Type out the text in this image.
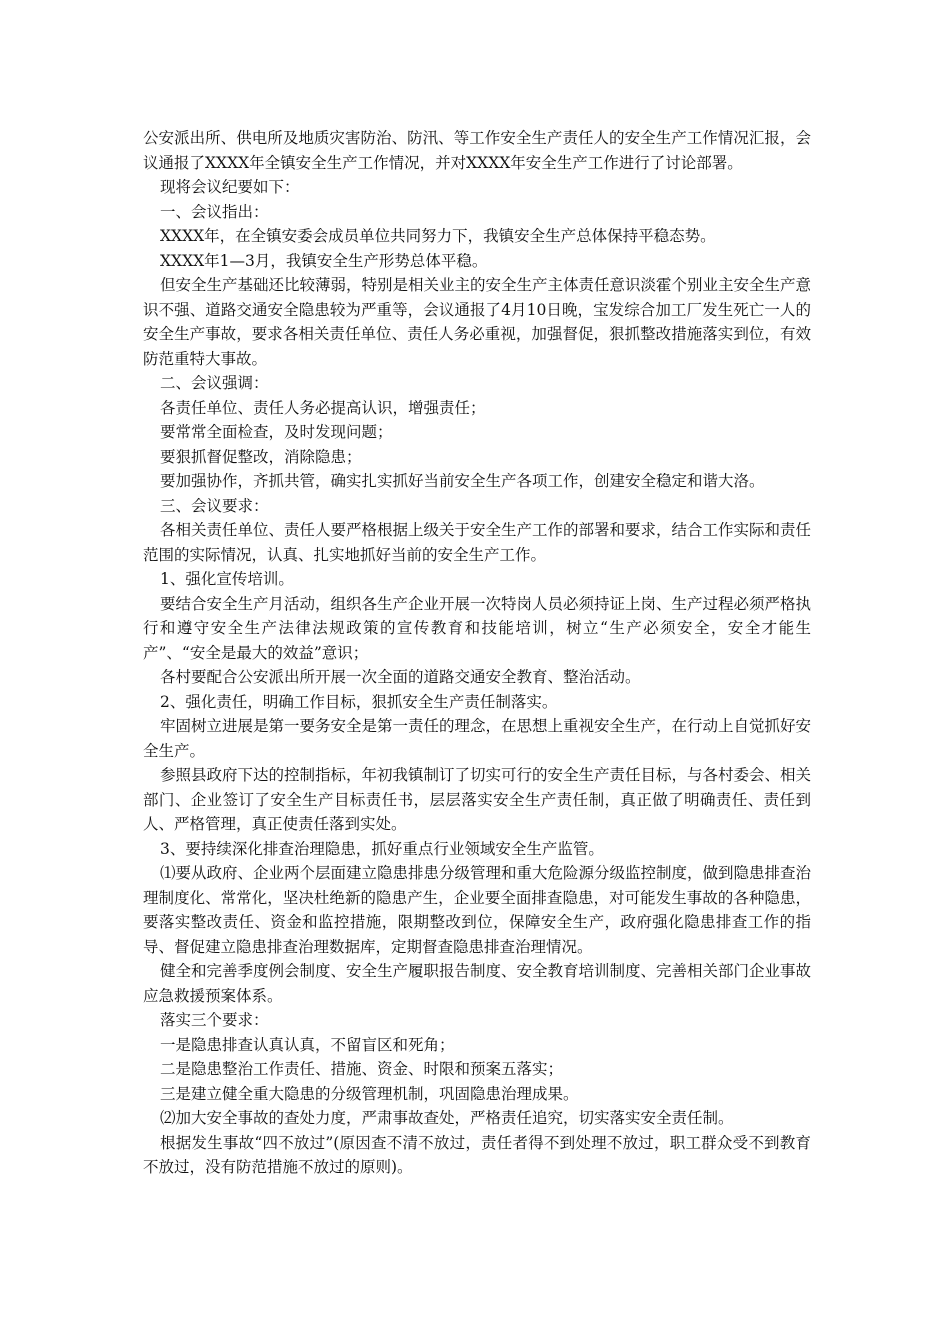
公安派出所、供电所及地质灾害防治、防汛、等工作安全生产责任人的安全生产工作情况汇报，会议通报了XXXX年全镇安全生产工作情况，并对XXXX年安全生产工作进行了讨论部署。

现将会议纪要如下：

一、会议指出：

XXXX年，在全镇安委会成员单位共同努力下，我镇安全生产总体保持平稳态势。

XXXX年1—3月，我镇安全生产形势总体平稳。

但安全生产基础还比较薄弱，特别是相关业主的安全生产主体责任意识淡霍个别业主安全生产意识不强、道路交通安全隐患较为严重等，会议通报了4月10日晚，宝发综合加工厂发生死亡一人的安全生产事故，要求各相关责任单位、责任人务必重视，加强督促，狠抓整改措施落实到位，有效防范重特大事故。

二、会议强调：

各责任单位、责任人务必提高认识，增强责任；

要常常全面检查，及时发现问题；

要狠抓督促整改，消除隐患；

要加强协作，齐抓共管，确实扎实抓好当前安全生产各项工作，创建安全稳定和谐大洛。

三、会议要求：

各相关责任单位、责任人要严格根据上级关于安全生产工作的部署和要求，结合工作实际和责任范围的实际情况，认真、扎实地抓好当前的安全生产工作。

1、强化宣传培训。

要结合安全生产月活动，组织各生产企业开展一次特岗人员必须持证上岗、生产过程必须严格执行和遵守安全生产法律法规政策的宣传教育和技能培训，树立“生产必须安全，安全才能生产”、“安全是最大的效益”意识；

各村要配合公安派出所开展一次全面的道路交通安全教育、整治活动。

2、强化责任，明确工作目标，狠抓安全生产责任制落实。

牢固树立进展是第一要务安全是第一责任的理念，在思想上重视安全生产，在行动上自觉抓好安全生产。

参照县政府下达的控制指标，年初我镇制订了切实可行的安全生产责任目标，与各村委会、相关部门、企业签订了安全生产目标责任书，层层落实安全生产责任制，真正做了明确责任、责任到人、严格管理，真正使责任落到实处。

3、要持续深化排查治理隐患，抓好重点行业领域安全生产监管。

⑴要从政府、企业两个层面建立隐患排患分级管理和重大危险源分级监控制度，做到隐患排查治理制度化、常常化，坚决杜绝新的隐患产生，企业要全面排查隐患，对可能发生事故的各种隐患，要落实整改责任、资金和监控措施，限期整改到位，保障安全生产，政府强化隐患排查工作的指导、督促建立隐患排查治理数据库，定期督查隐患排查治理情况。

健全和完善季度例会制度、安全生产履职报告制度、安全教育培训制度、完善相关部门企业事故应急救援预案体系。

落实三个要求：

一是隐患排查认真认真，不留盲区和死角；

二是隐患整治工作责任、措施、资金、时限和预案五落实；

三是建立健全重大隐患的分级管理机制，巩固隐患治理成果。

⑵加大安全事故的查处力度，严肃事故查处，严格责任追究，切实落实安全责任制。

根据发生事故“四不放过”(原因查不清不放过，责任者得不到处理不放过，职工群众受不到教育不放过，没有防范措施不放过的原则)。
